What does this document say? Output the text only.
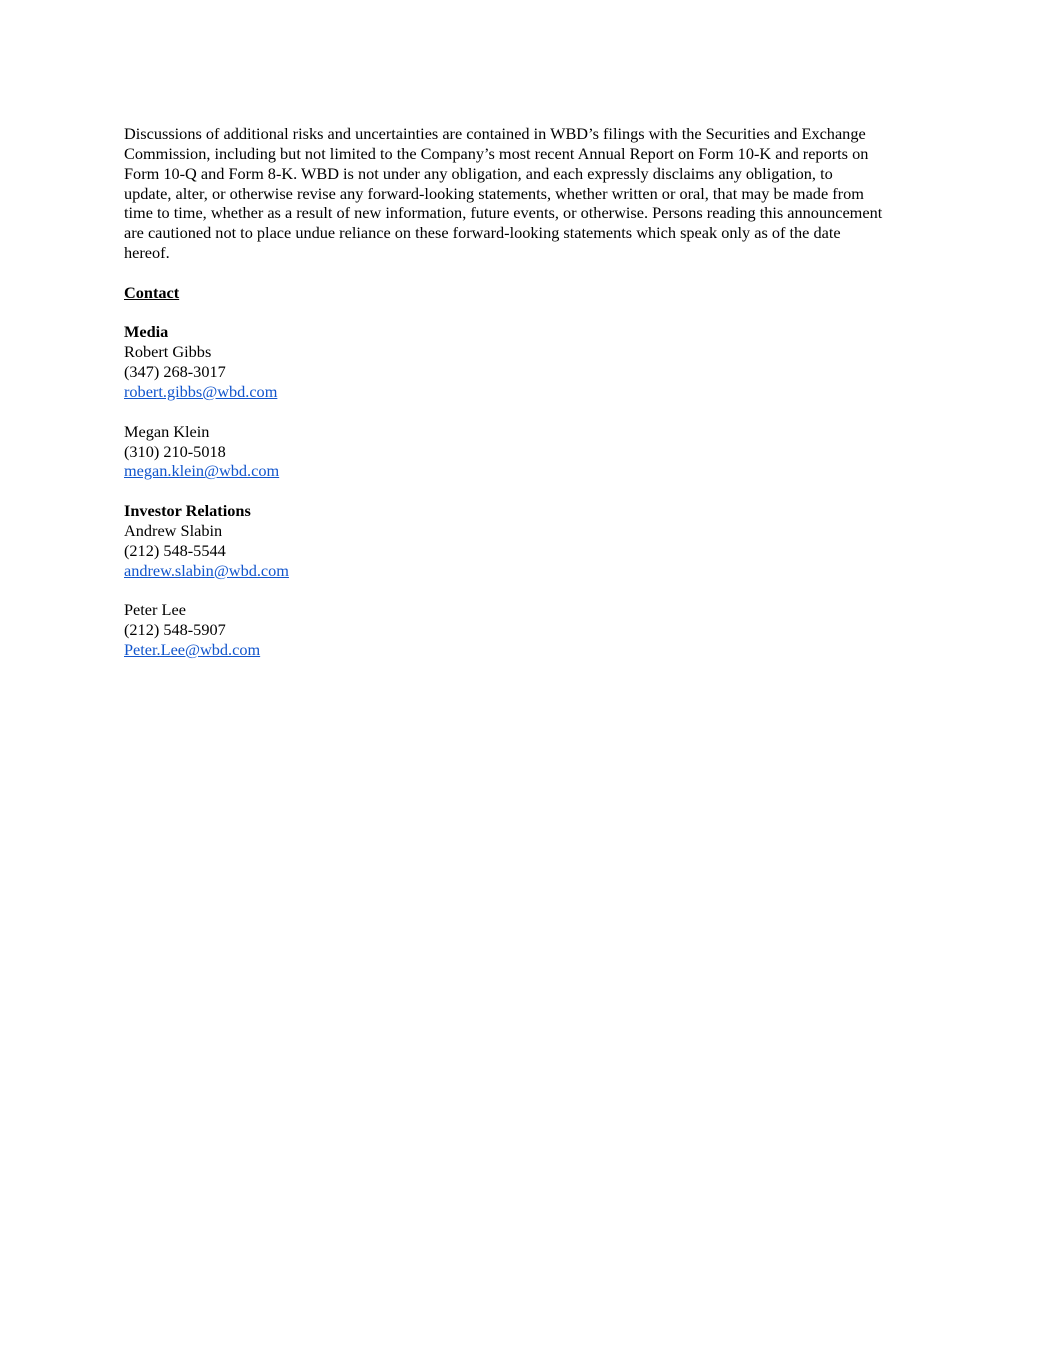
Discussions of additional risks and uncertainties are contained in WBD’s filings with the Securities and Exchange
Commission, including but not limited to the Company’s most recent Annual Report on Form 10-K and reports on
Form 10-Q and Form 8-K. WBD is not under any obligation, and each expressly disclaims any obligation, to
update, alter, or otherwise revise any forward-looking statements, whether written or oral, that may be made from
time to time, whether as a result of new information, future events, or otherwise. Persons reading this announcement
are cautioned not to place undue reliance on these forward-looking statements which speak only as of the date
hereof.
Contact
Media
Robert Gibbs
(347) 268-3017
robert.gibbs@wbd.com
Megan Klein
(310) 210-5018
megan.klein@wbd.com
Investor Relations
Andrew Slabin
(212) 548-5544
andrew.slabin@wbd.com
Peter Lee
(212) 548-5907
Peter.Lee@wbd.com
